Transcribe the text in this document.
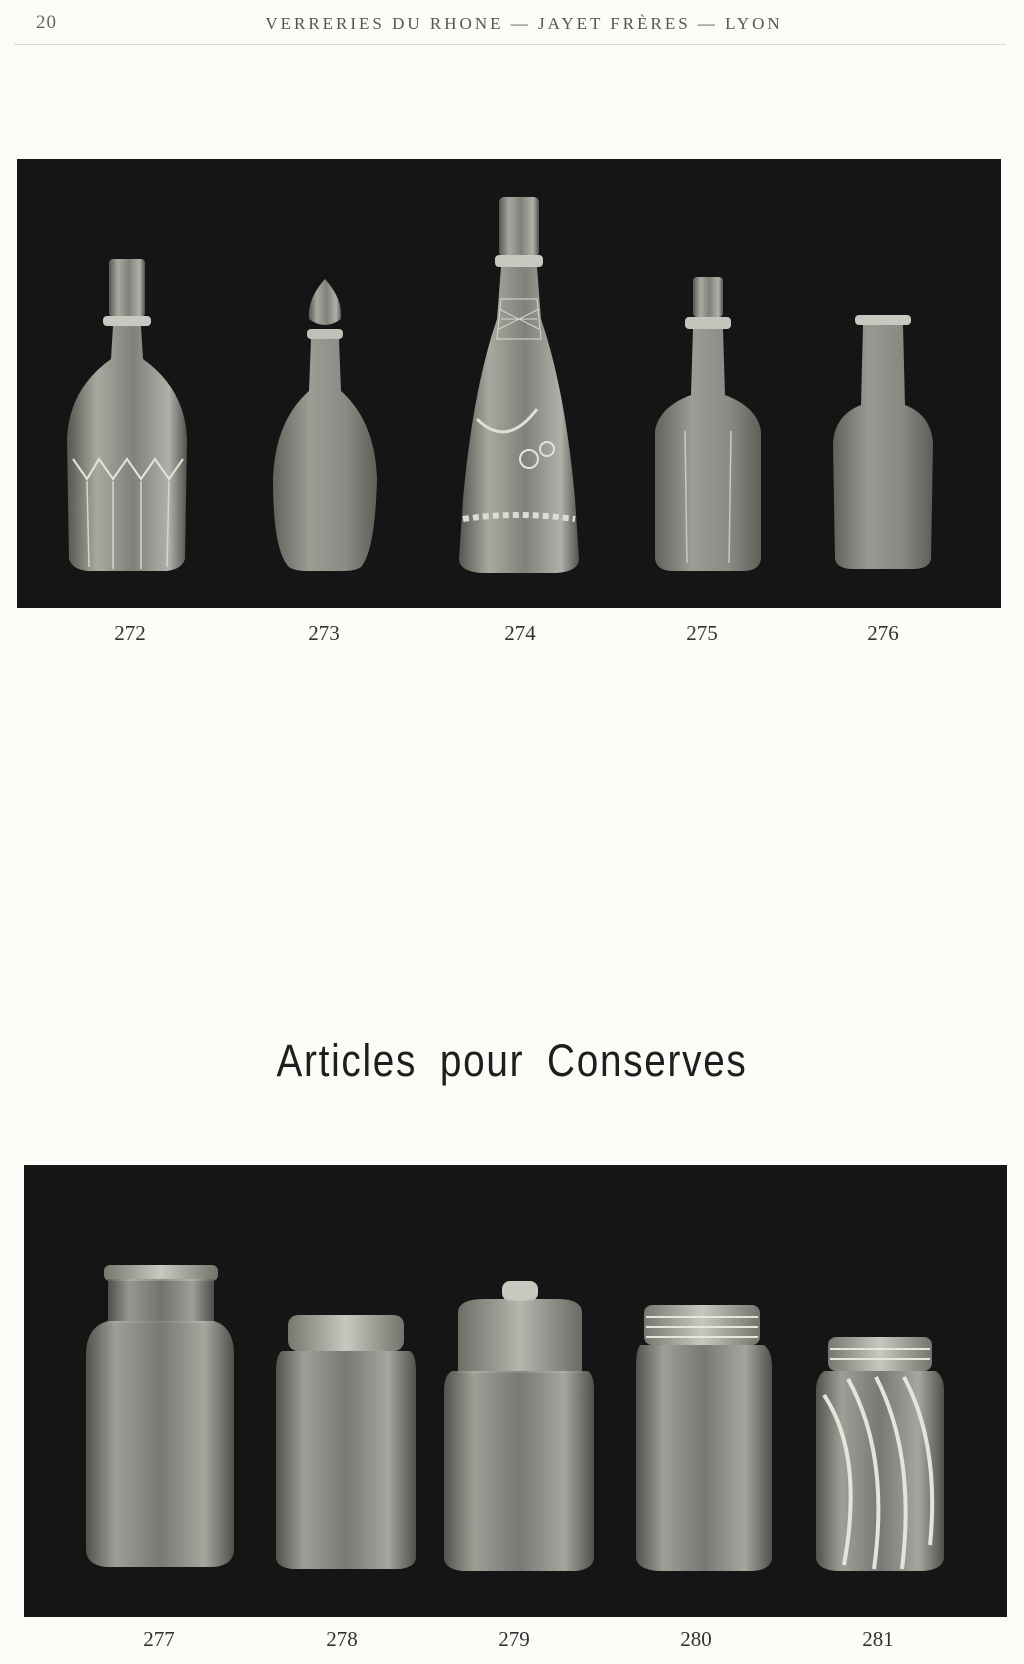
20	VERRERIES DU RHONE — JAYET FRÈRES — LYON
272	273	274	275	276
Articles pour Conserves
277	278	279	280	281
